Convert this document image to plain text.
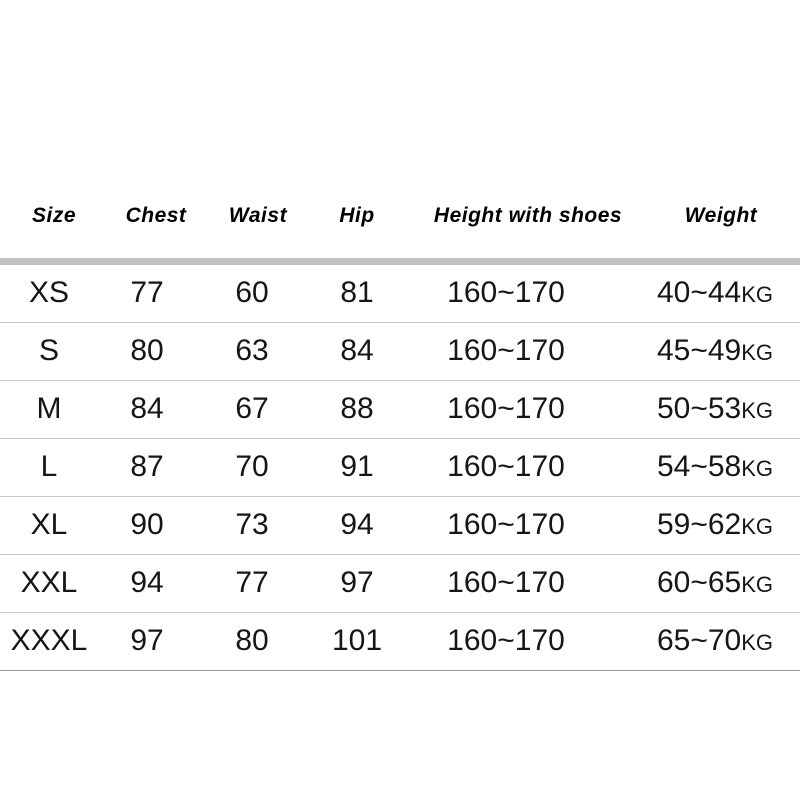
Size Chest Waist Hip	Height with shoes	Weight
XS 77 60 81 160~170	40~44KG
S 80 63 84 160~170	45~49KG
M 84 67 88 160~170	50~53KG
L 87 70 91 160~170	54~58KG
XL 90 73 94 160~170	59~62KG
XXL 94 77 97 160~170	60~65KG
XXXL 97 80 101 160~170	65~70KG
